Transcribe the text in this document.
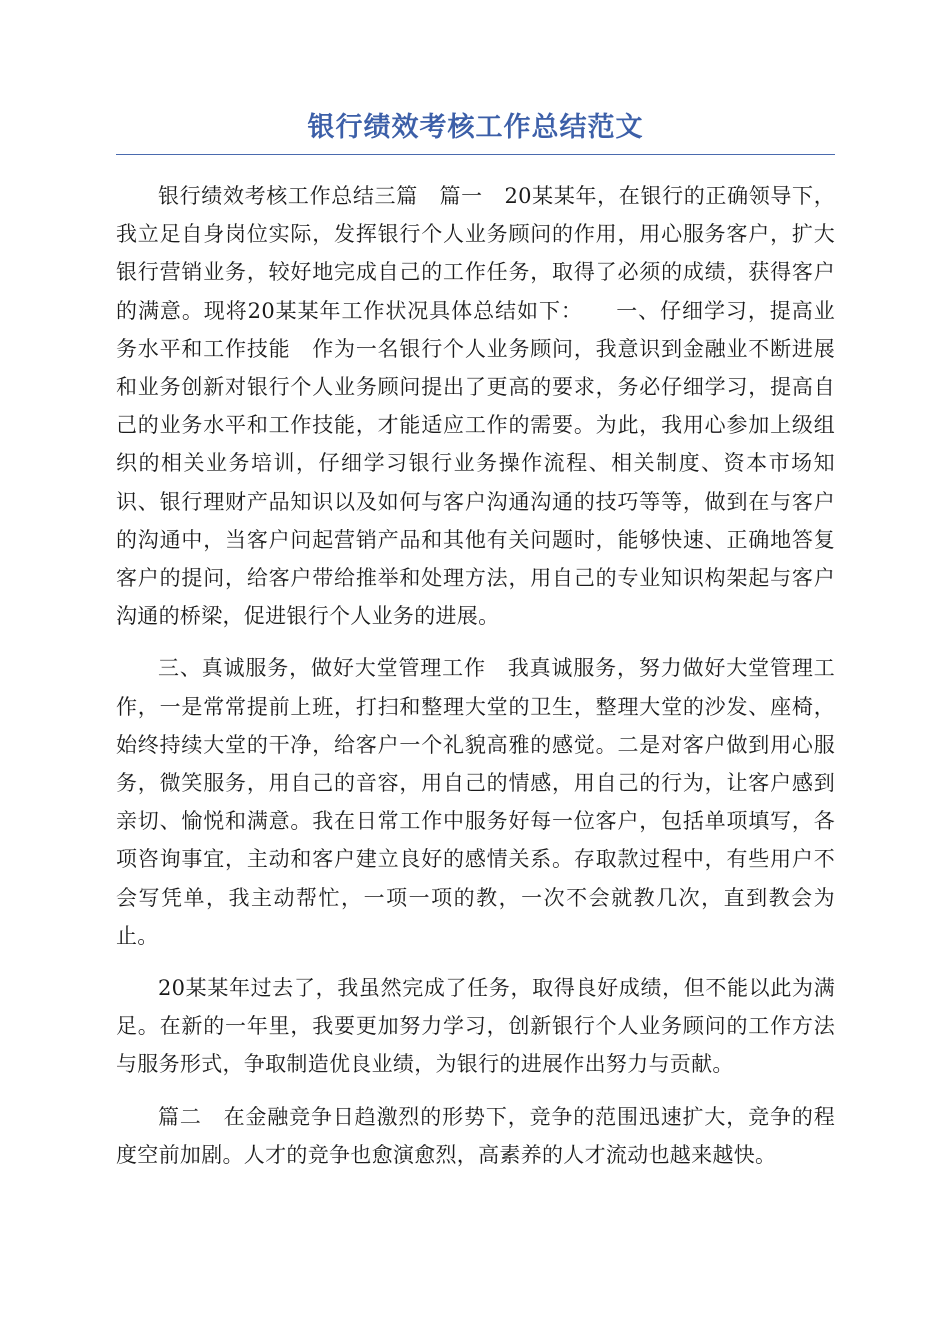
银行绩效考核工作总结范文

银行绩效考核工作总结三篇　篇一　20某某年，在银行的正确领导下，我立足自身岗位实际，发挥银行个人业务顾问的作用，用心服务客户，扩大银行营销业务，较好地完成自己的工作任务，取得了必须的成绩，获得客户的满意。现将20某某年工作状况具体总结如下：　　一、仔细学习，提高业务水平和工作技能　作为一名银行个人业务顾问，我意识到金融业不断进展和业务创新对银行个人业务顾问提出了更高的要求，务必仔细学习，提高自己的业务水平和工作技能，才能适应工作的需要。为此，我用心参加上级组织的相关业务培训，仔细学习银行业务操作流程、相关制度、资本市场知识、银行理财产品知识以及如何与客户沟通沟通的技巧等等，做到在与客户的沟通中，当客户问起营销产品和其他有关问题时，能够快速、正确地答复客户的提问，给客户带给推举和处理方法，用自己的专业知识构架起与客户沟通的桥梁，促进银行个人业务的进展。

三、真诚服务，做好大堂管理工作　我真诚服务，努力做好大堂管理工作，一是常常提前上班，打扫和整理大堂的卫生，整理大堂的沙发、座椅，始终持续大堂的干净，给客户一个礼貌高雅的感觉。二是对客户做到用心服务，微笑服务，用自己的音容，用自己的情感，用自己的行为，让客户感到亲切、愉悦和满意。我在日常工作中服务好每一位客户，包括单项填写，各项咨询事宜，主动和客户建立良好的感情关系。存取款过程中，有些用户不会写凭单，我主动帮忙，一项一项的教，一次不会就教几次，直到教会为止。

20某某年过去了，我虽然完成了任务，取得良好成绩，但不能以此为满足。在新的一年里，我要更加努力学习，创新银行个人业务顾问的工作方法与服务形式，争取制造优良业绩，为银行的进展作出努力与贡献。

篇二　在金融竞争日趋激烈的形势下，竞争的范围迅速扩大，竞争的程度空前加剧。人才的竞争也愈演愈烈，高素养的人才流动也越来越快。
